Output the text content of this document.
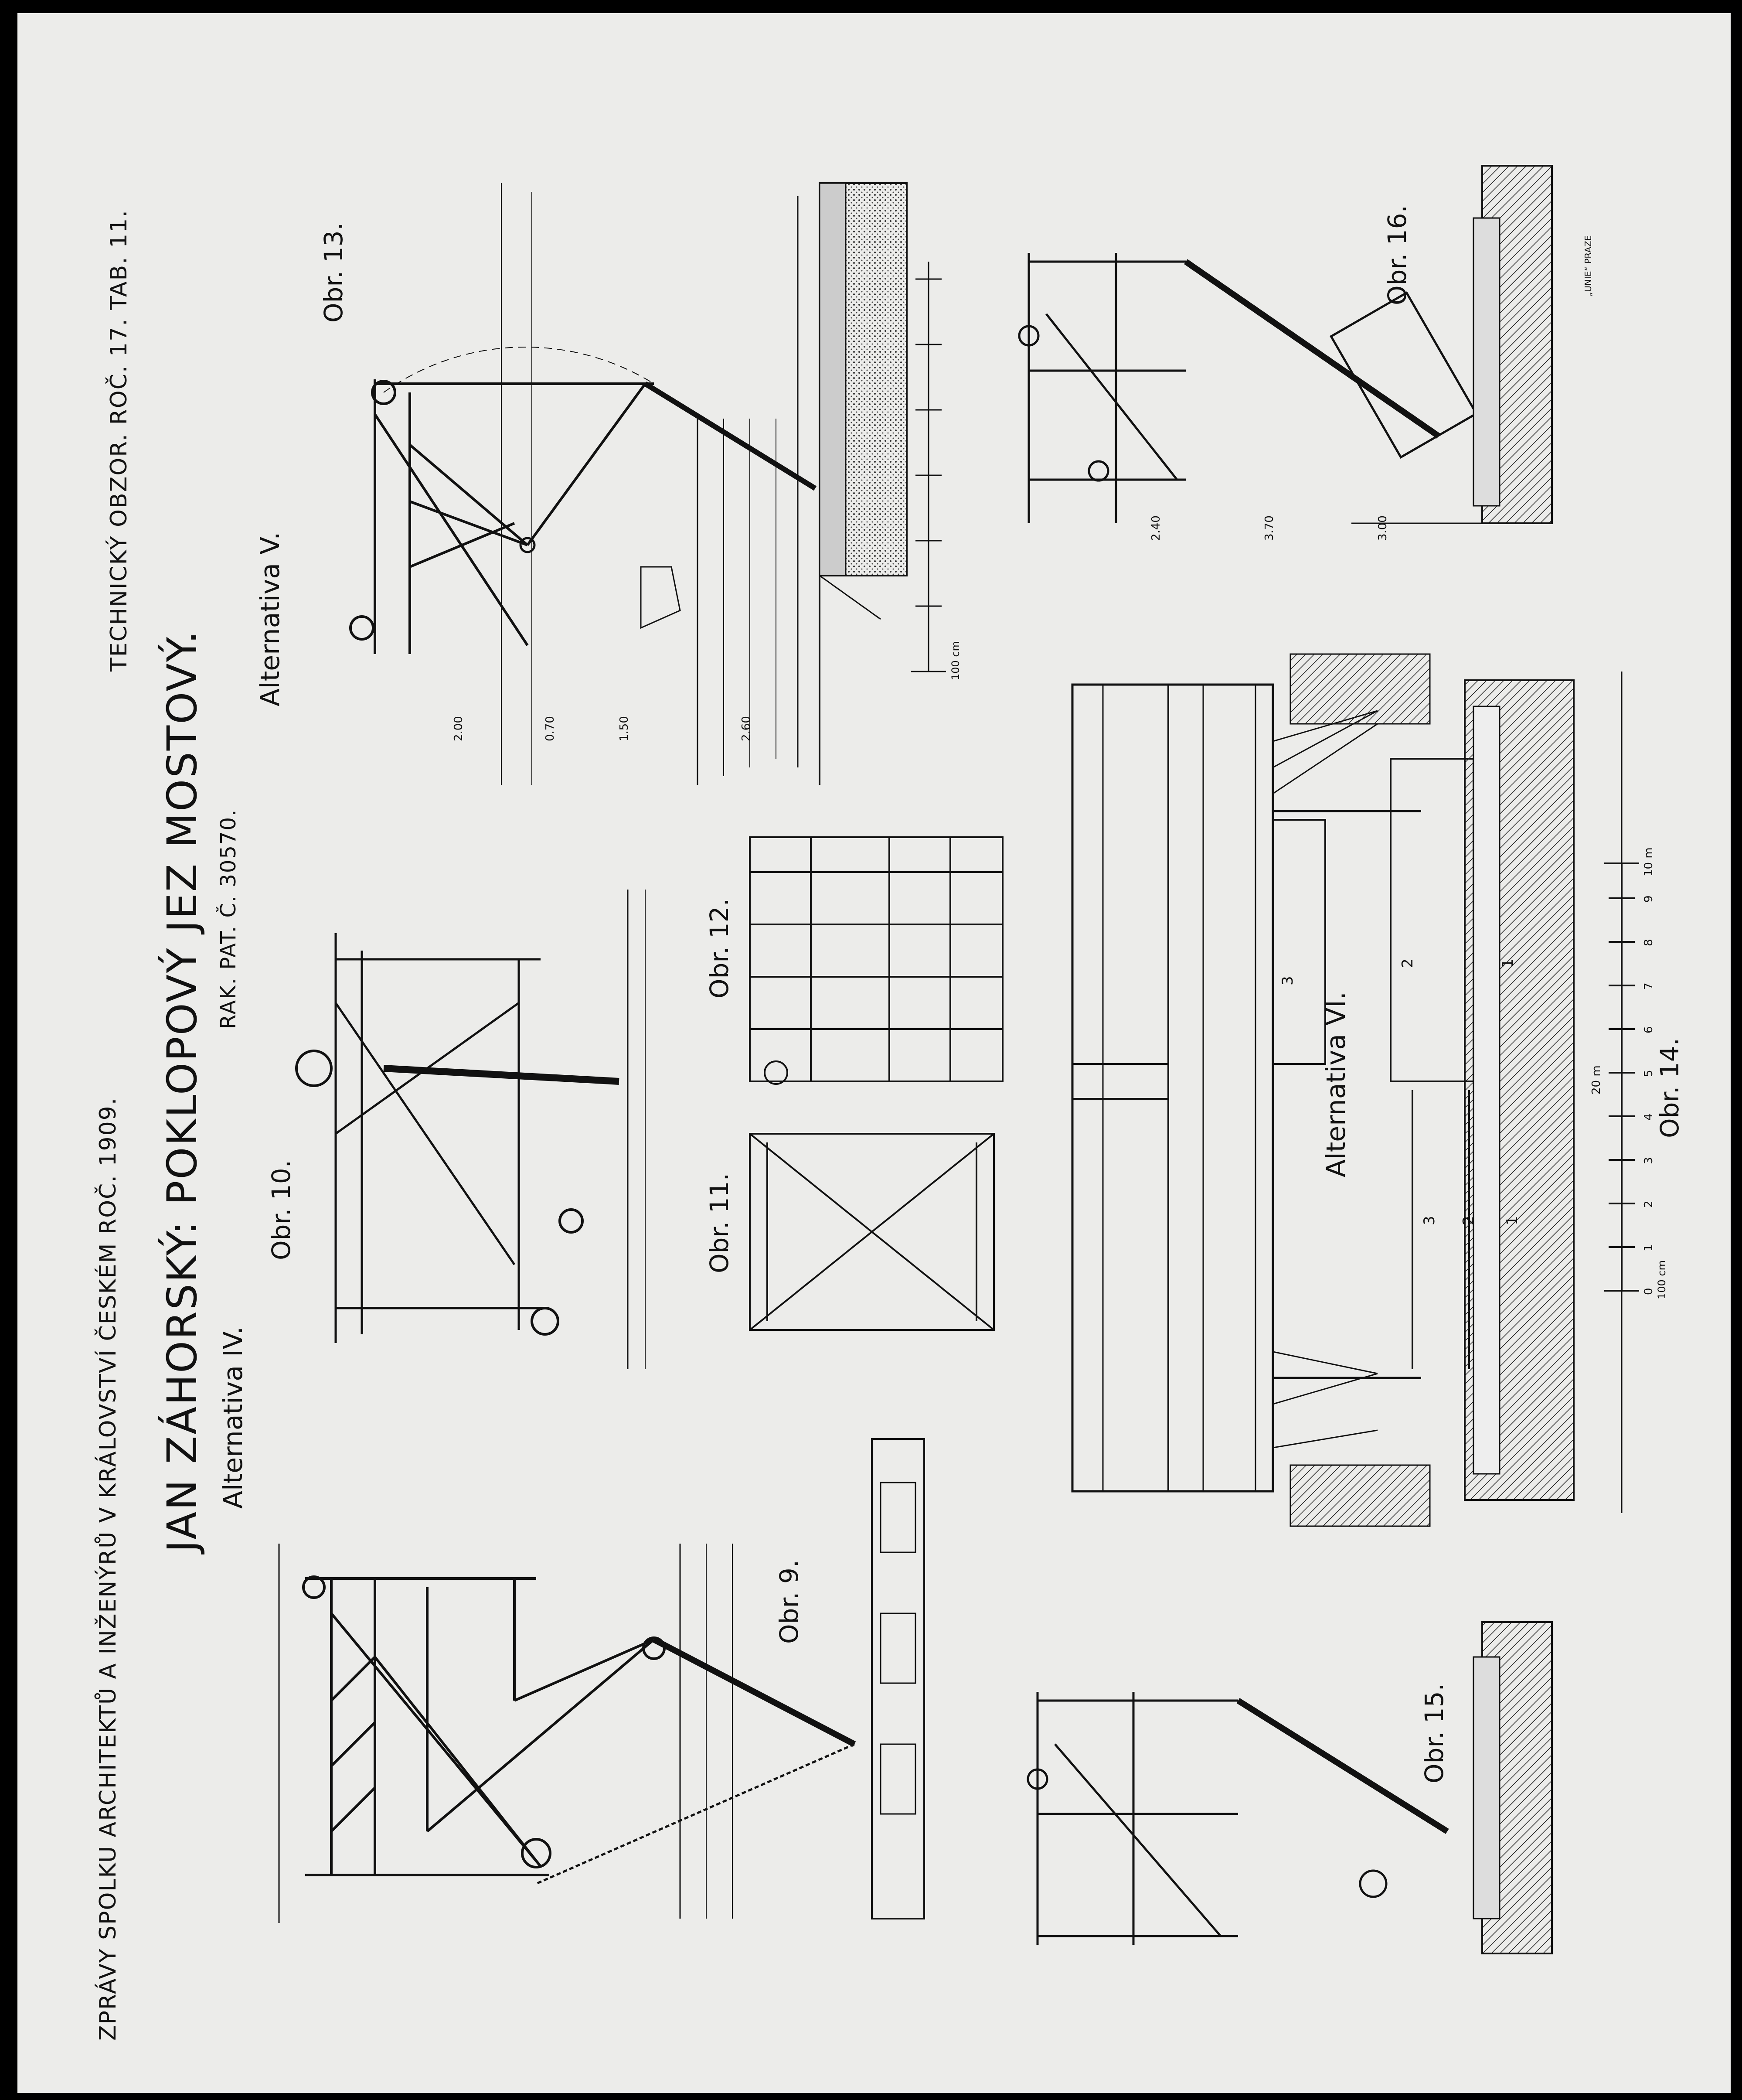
ZPRÁVY SPOLKU ARCHITEKTŮ A INŽENÝRŮ V KRÁLOVSTVÍ ČESKÉM ROČ. 1909.
JAN ZÁHORSKÝ: POKLOPOVÝ JEZ MOSTOVÝ. RAK. PAT. Č. 30570.
TECHNICKÝ OBZOR. ROČ. 17. TAB. 11.
Alternativa IV.
Alternativa V.
Alternativa VI.
Obr. 10.
Obr. 9.
Obr. 11.
Obr. 12.
Obr. 13.
Obr. 14.
Obr. 15.
Obr. 16.
2.00	0.70	1.50	2.60
2.40	3.70	3.00
100 cm
100 cm
20 m
0
1
2
3
4
5
6
7
8
9
10 m
3
2	1
3 2 1
„UNIE“ PRAZE
